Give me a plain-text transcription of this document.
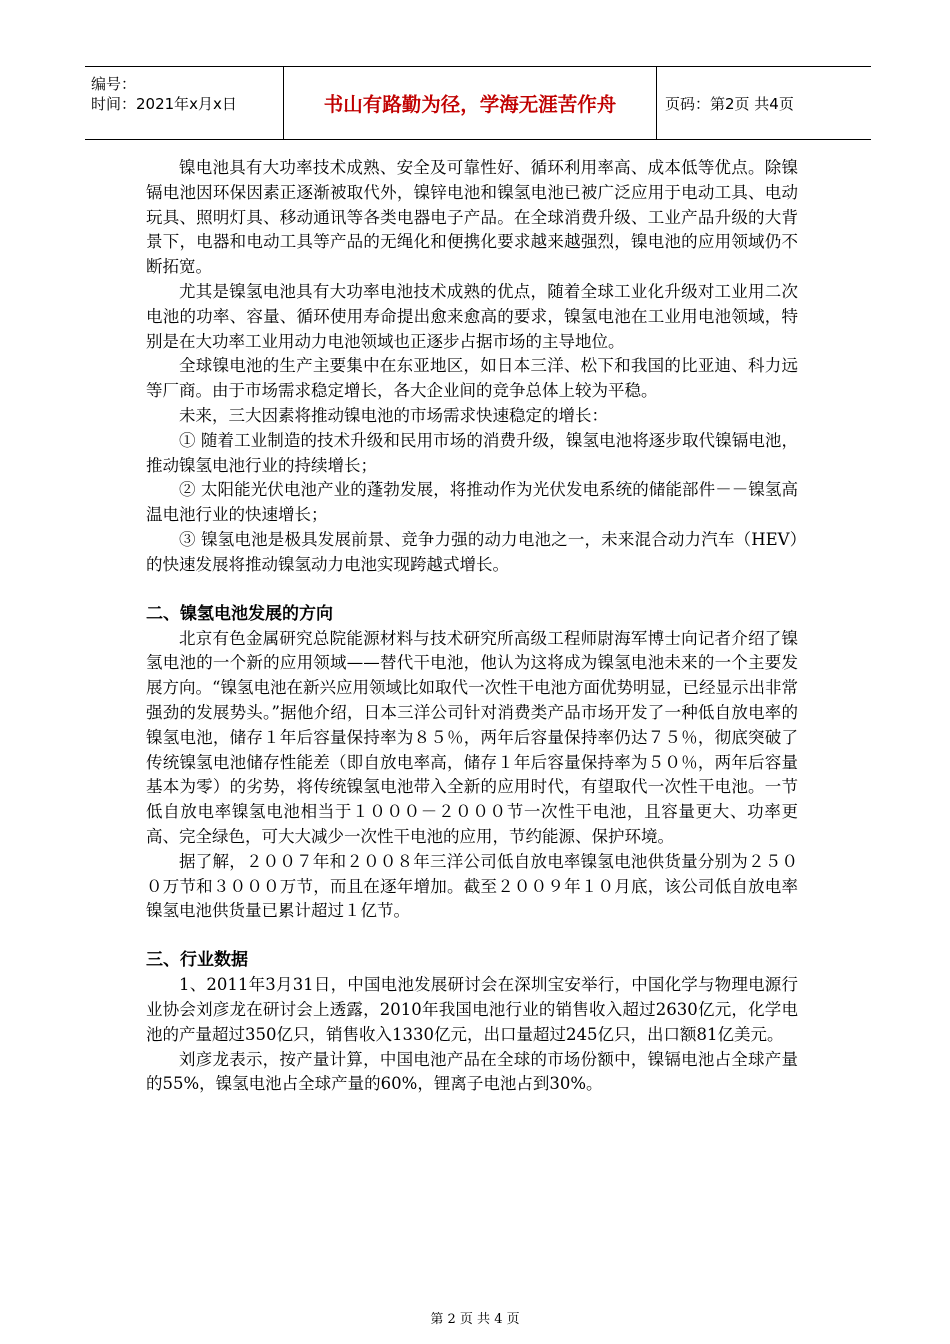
编号：
时间：2021年x月x日	书山有路勤为径，学海无涯苦作舟	页码：第2页 共4页

镍电池具有大功率技术成熟、安全及可靠性好、循环利用率高、成本低等优点。除镍镉电池因环保因素正逐渐被取代外，镍锌电池和镍氢电池已被广泛应用于电动工具、电动玩具、照明灯具、移动通讯等各类电器电子产品。在全球消费升级、工业产品升级的大背景下，电器和电动工具等产品的无绳化和便携化要求越来越强烈，镍电池的应用领域仍不断拓宽。

尤其是镍氢电池具有大功率电池技术成熟的优点，随着全球工业化升级对工业用二次电池的功率、容量、循环使用寿命提出愈来愈高的要求，镍氢电池在工业用电池领域，特别是在大功率工业用动力电池领域也正逐步占据市场的主导地位。

全球镍电池的生产主要集中在东亚地区，如日本三洋、松下和我国的比亚迪、科力远等厂商。由于市场需求稳定增长，各大企业间的竞争总体上较为平稳。

未来，三大因素将推动镍电池的市场需求快速稳定的增长：

① 随着工业制造的技术升级和民用市场的消费升级，镍氢电池将逐步取代镍镉电池，推动镍氢电池行业的持续增长；

② 太阳能光伏电池产业的蓬勃发展，将推动作为光伏发电系统的储能部件－－镍氢高温电池行业的快速增长；

③ 镍氢电池是极具发展前景、竞争力强的动力电池之一，未来混合动力汽车（HEV）的快速发展将推动镍氢动力电池实现跨越式增长。

二、镍氢电池发展的方向

北京有色金属研究总院能源材料与技术研究所高级工程师尉海军博士向记者介绍了镍氢电池的一个新的应用领域——替代干电池，他认为这将成为镍氢电池未来的一个主要发展方向。“镍氢电池在新兴应用领域比如取代一次性干电池方面优势明显，已经显示出非常强劲的发展势头。”据他介绍，日本三洋公司针对消费类产品市场开发了一种低自放电率的镍氢电池，储存１年后容量保持率为８５％，两年后容量保持率仍达７５％，彻底突破了传统镍氢电池储存性能差（即自放电率高，储存１年后容量保持率为５０％，两年后容量基本为零）的劣势，将传统镍氢电池带入全新的应用时代，有望取代一次性干电池。一节低自放电率镍氢电池相当于１０００－２０００节一次性干电池，且容量更大、功率更高、完全绿色，可大大减少一次性干电池的应用，节约能源、保护环境。

据了解，２００７年和２００８年三洋公司低自放电率镍氢电池供货量分别为２５００万节和３０００万节，而且在逐年增加。截至２００９年１０月底，该公司低自放电率镍氢电池供货量已累计超过１亿节。

三、行业数据

1、2011年3月31日，中国电池发展研讨会在深圳宝安举行，中国化学与物理电源行业协会刘彦龙在研讨会上透露，2010年我国电池行业的销售收入超过2630亿元，化学电池的产量超过350亿只，销售收入1330亿元，出口量超过245亿只，出口额81亿美元。

刘彦龙表示，按产量计算，中国电池产品在全球的市场份额中，镍镉电池占全球产量的55%，镍氢电池占全球产量的60%，锂离子电池占到30%。

第 2 页 共 4 页
